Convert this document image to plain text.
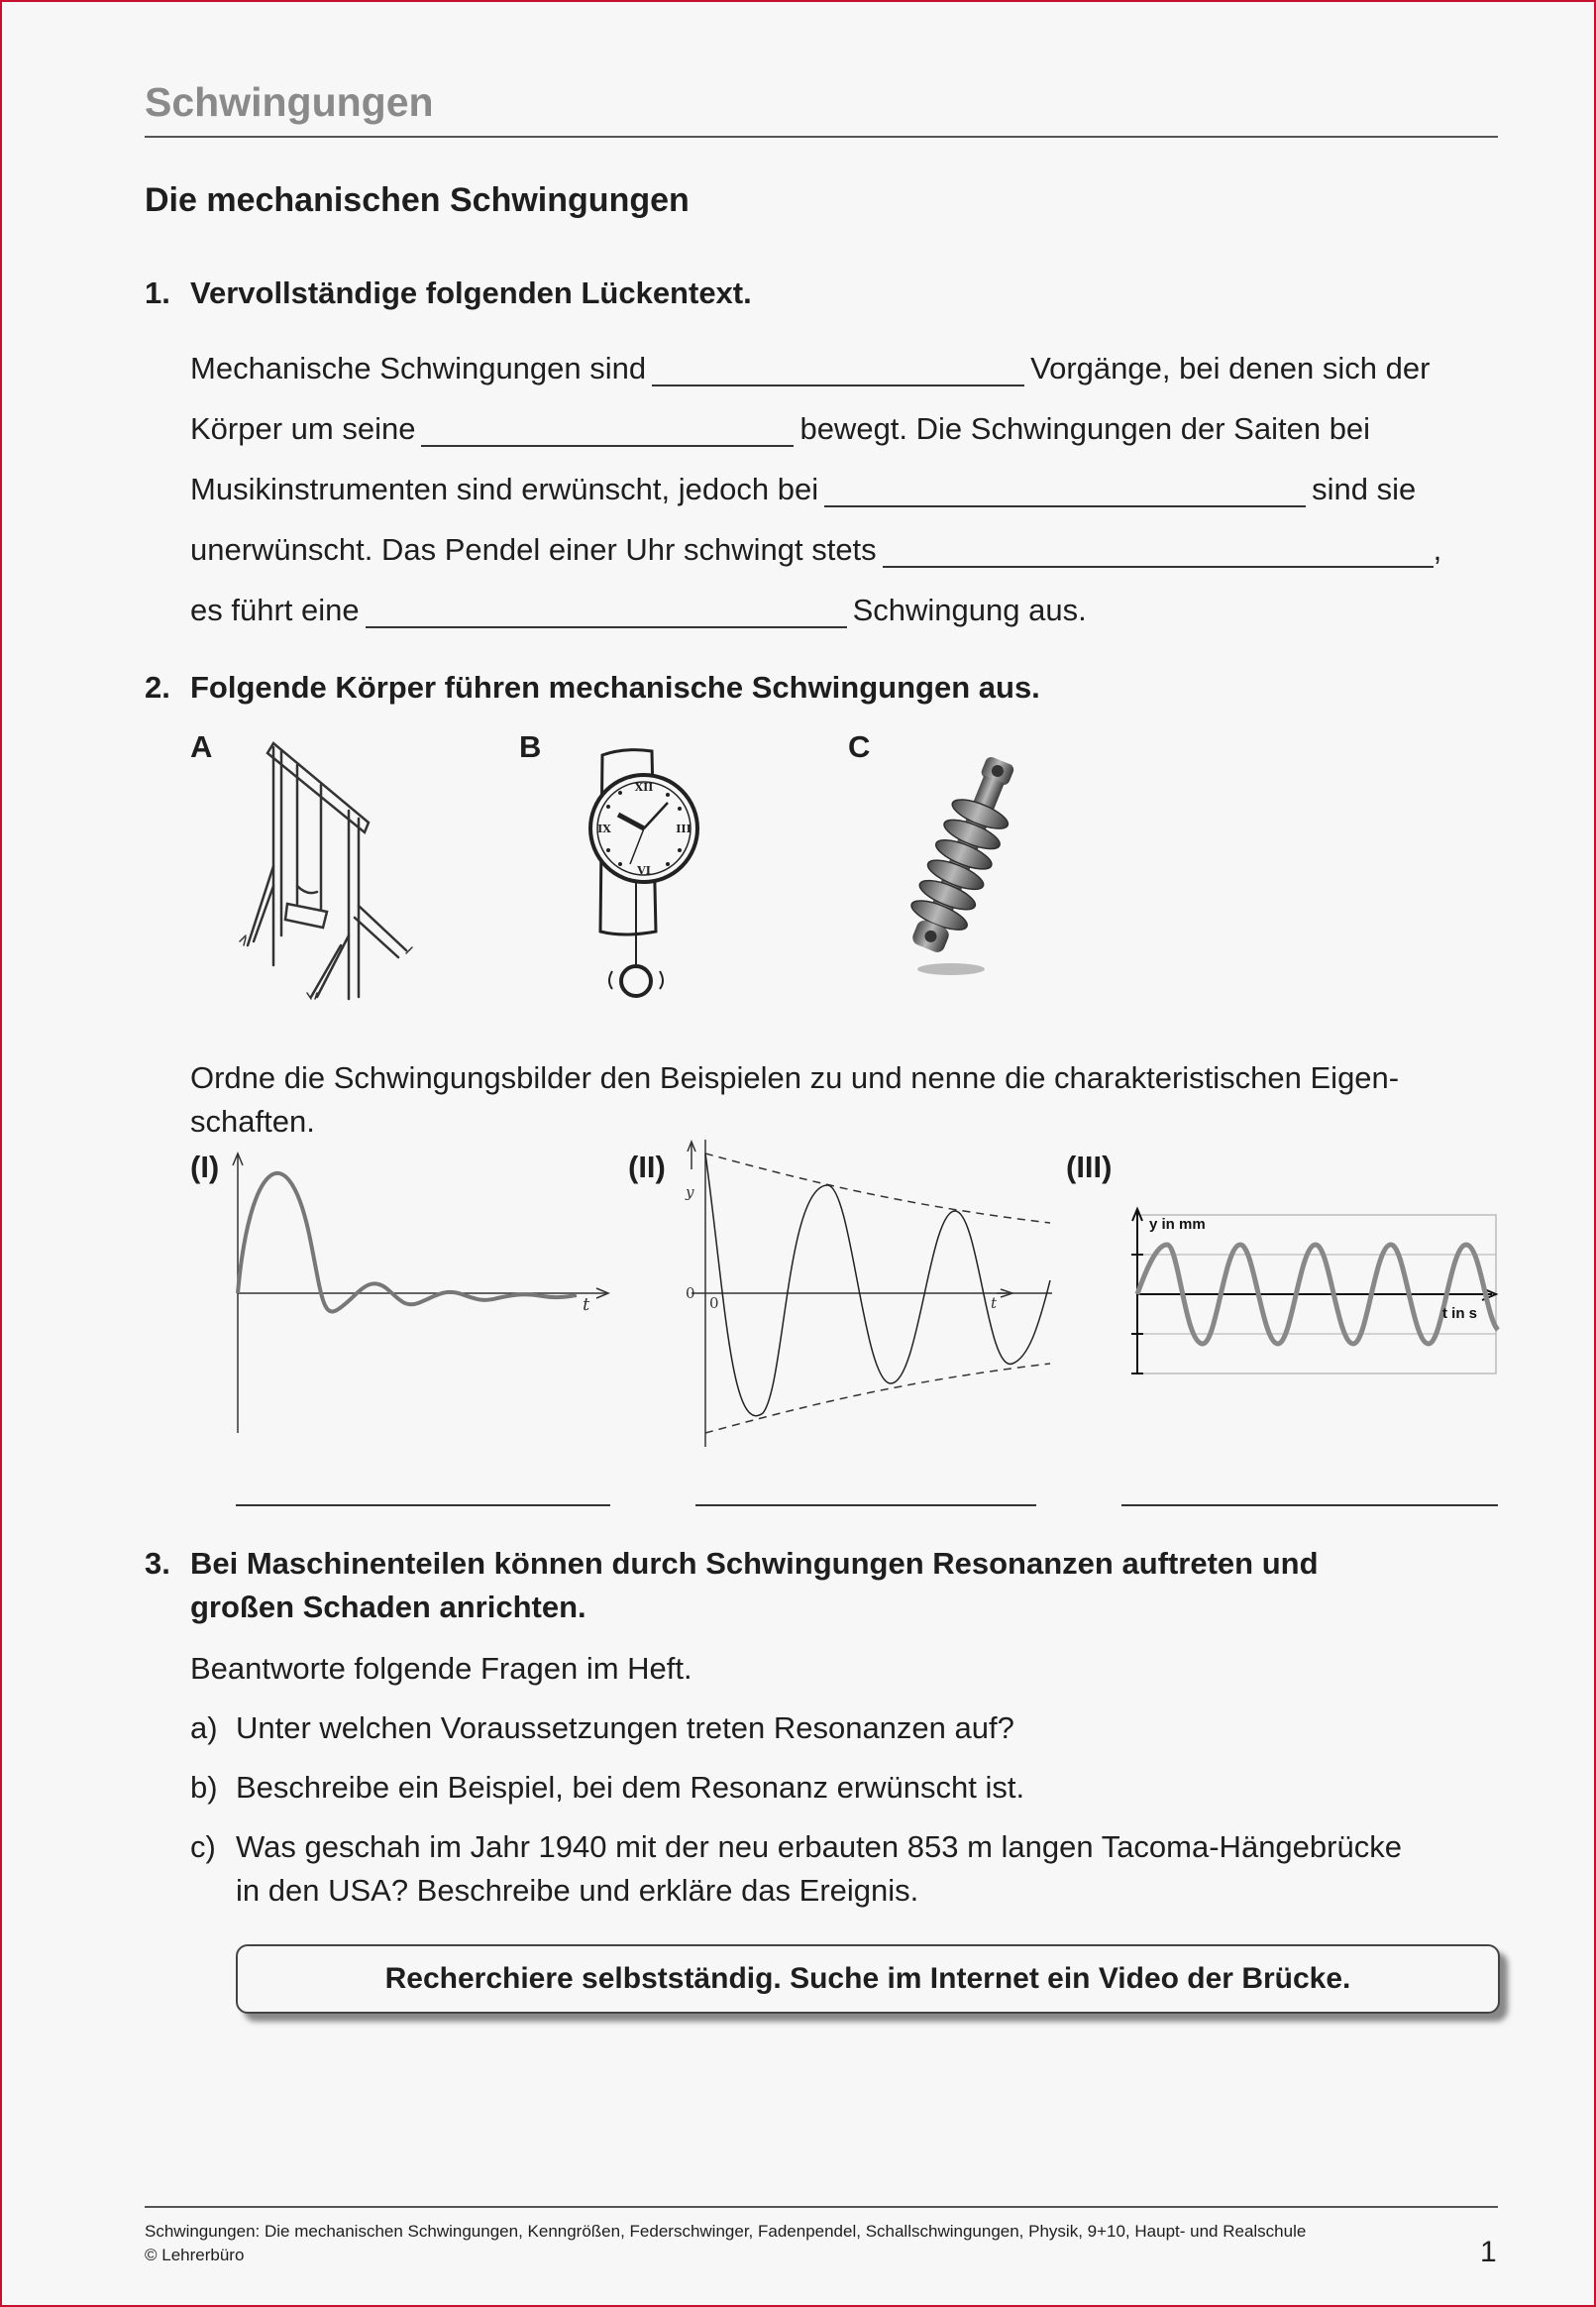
Schwingungen
Die mechanischen Schwingungen
1. Vervollständige folgenden Lückentext.
Mechanische Schwingungen sind	Vorgänge, bei denen sich der
Körper um seine	bewegt. Die Schwingungen der Saiten bei
Musikinstrumenten sind erwünscht, jedoch bei	sind sie
unerwünscht. Das Pendel einer Uhr schwingt stets	,
es führt eine	Schwingung aus.
2. Folgende Körper führen mechanische Schwingungen aus.
A	B	C
XII
III
VI
IX
Ordne die Schwingungsbilder den Beispielen zu und nenne die charakteristischen Eigen-
schaften.
(I)	(II)	(III)
t
y
0
0	t
y in mm
t in s
3. Bei Maschinenteilen können durch Schwingungen Resonanzen auftreten und
großen Schaden anrichten.
Beantworte folgende Fragen im Heft.
a) Unter welchen Voraussetzungen treten Resonanzen auf?
b) Beschreibe ein Beispiel, bei dem Resonanz erwünscht ist.
c) Was geschah im Jahr 1940 mit der neu erbauten 853 m langen Tacoma-Hängebrücke
in den USA? Beschreibe und erkläre das Ereignis.
Recherchiere selbstständig. Suche im Internet ein Video der Brücke.
Schwingungen: Die mechanischen Schwingungen, Kenngrößen, Federschwinger, Fadenpendel, Schallschwingungen, Physik, 9+10, Haupt- und Realschule
© Lehrerbüro	1
